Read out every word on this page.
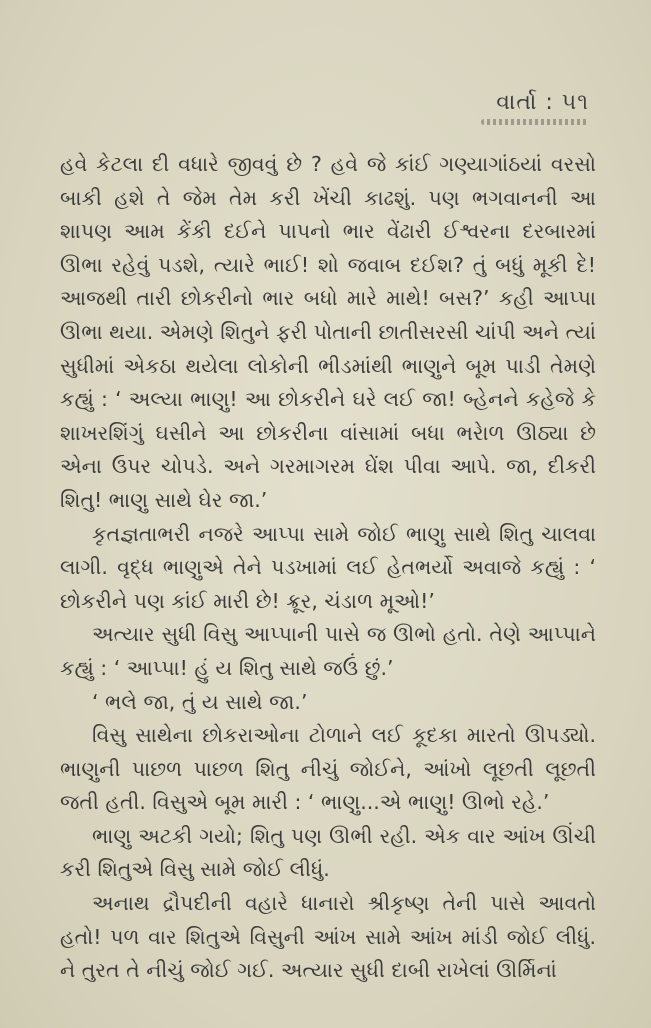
વાર્તા : ૫૧

હવે કેટલા દી વધારે જીવવું છે ? હવે જે કાંઈ ગણ્યાગાંઠયાં વરસો બાકી હશે તે જેમ તેમ કરી ખેંચી કાઢશું. પણ ભગવાનની આ શાપણ આમ કેંકી દઈને પાપનો ભાર વેંઢારી ઈશ્વરના દરબારમાં ઊભા રહેવું પડશે, ત્યારે ભાઈ! શો જવાબ દઈશ? તું બધું મૂકી દે! આજથી તારી છોકરીનો ભાર બધો મારે માથે! બસ?’ કહી આપ્પા ઊભા થયા. એમણે શિતુને ફરી પોતાની છાતીસરસી ચાંપી અને ત્યાં સુધીમાં એકઠા થયેલા લોકોની ભીડમાંથી ભાણુને બૂમ પાડી તેમણે કહ્યું : ‘ અલ્યા ભાણુ! આ છોકરીને ઘરે લઈ જા! બ્હેનને કહેજે કે શાખરશિંગું ઘસીને આ છોકરીના વાંસામાં બધા ભરેાળ ઊઠ્યા છે એના ઉપર ચોપડે. અને ગરમાગરમ ઘેંશ પીવા આપે. જા, દીકરી શિતુ! ભાણુ સાથે ઘેર જા.’

કૃતજ્ઞતાભરી નજરે આપ્પા સામે જોઈ ભાણુ સાથે શિતુ ચાલવા લાગી. વૃદ્ધ ભાણુએ તેને પડખામાં લઈ હેતભર્યો અવાજે કહ્યું : ‘ છોકરીને પણ કાંઈ મારી છે! ક્રૂર, ચંડાળ મૂઓ!’

અત્યાર સુધી વિસુ આપ્પાની પાસે જ ઊભો હતો. તેણે આપ્પાને કહ્યું : ‘ આપ્પા! હું ય શિતુ સાથે જઉં છું.’

‘ ભલે જા, તું ય સાથે જા.’

વિસુ સાથેના છોકરાઓના ટોળાને લઈ કૂદકા મારતો ઊપડ્યો. ભાણુની પાછળ પાછળ શિતુ નીચું જોઈને, આંખો લૂછતી લૂછતી જતી હતી. વિસુએ બૂમ મારી : ‘ ભાણુ...એ ભાણુ! ઊભો રહે.’

ભાણુ અટકી ગયો; શિતુ પણ ઊભી રહી. એક વાર આંખ ઊંચી કરી શિતુએ વિસુ સામે જોઈ લીધું.

અનાથ દ્રૌપદીની વહારે ધાનારો શ્રીકૃષ્ણ તેની પાસે આવતો હતો! પળ વાર શિતુએ વિસુની આંખ સામે આંખ માંડી જોઈ લીધું. ને તુરત તે નીચું જોઈ ગઈ. અત્યાર સુધી દાબી રાખેલાં ઊર્મિનાં
